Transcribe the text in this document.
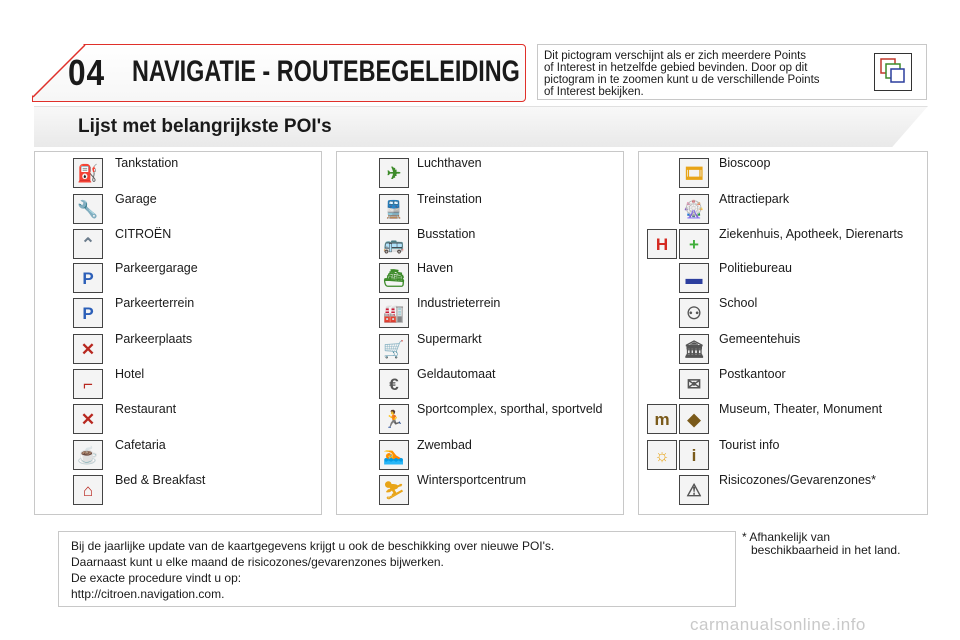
04 NAVIGATIE - ROUTEBEGELEIDING Dit pictogram verschijnt als er zich meerdere Points
of Interest in hetzelfde gebied bevinden. Door op dit
pictogram in te zoomen kunt u de verschillende Points
of Interest bekijken.
Lijst met belangrijkste POI's
⛽
Tankstation
🔧
Garage
⌃
CITROËN
P
Parkeergarage
P
Parkeerterrein
✕
Parkeerplaats
⌐
Hotel
✕
Restaurant
☕
Cafetaria
⌂
Bed & Breakfast
✈
Luchthaven
🚆
Treinstation
🚌
Busstation
⛴
Haven
🏭
Industrieterrein
🛒
Supermarkt
€
Geldautomaat
🏃
Sportcomplex, sporthal, sportveld
🏊
Zwembad
⛷
Wintersportcentrum
🎞
Bioscoop
🎡
Attractiepark
H	+
Ziekenhuis, Apotheek, Dierenarts
▬
Politiebureau
⚇
School
🏛
Gemeentehuis
✉
Postkantoor
m	◆
Museum, Theater, Monument
☼	i
Tourist info
⚠
Risicozones/Gevarenzones*
Bij de jaarlijke update van de kaartgegevens krijgt u ook de beschikking over nieuwe POI's.
Daarnaast kunt u elke maand de risicozones/gevarenzones bijwerken.
De exacte procedure vindt u op:
http://citroen.navigation.com.
* Afhankelijk van
beschikbaarheid in het land.
carmanualsonline.info
